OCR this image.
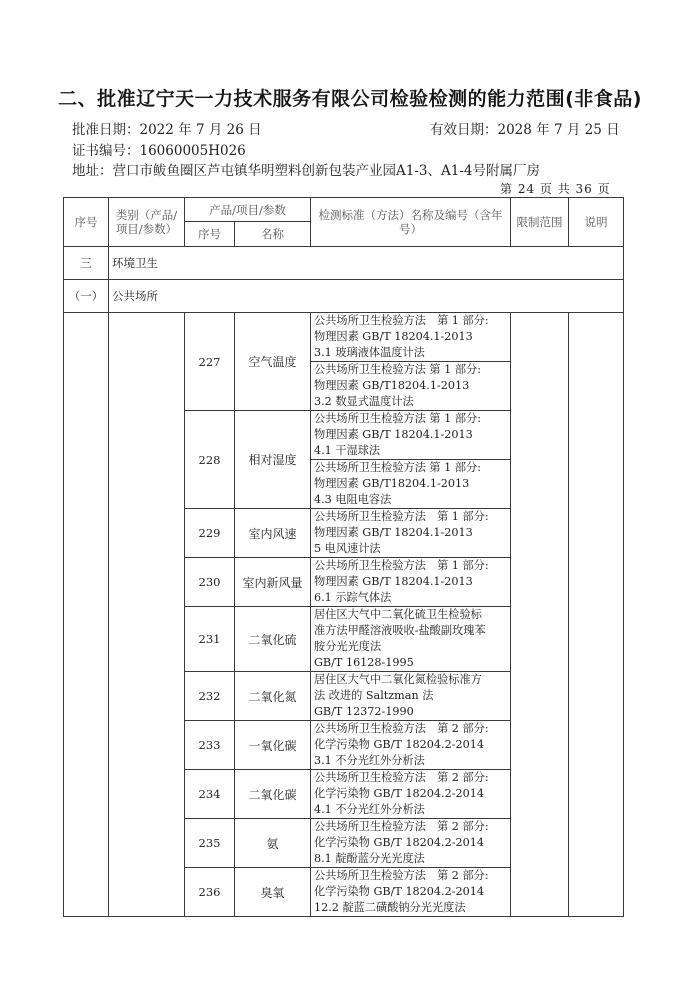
二、批准辽宁天一力技术服务有限公司检验检测的能力范围(非食品)
批准日期：2022 年 7 月 26 日	有效日期：2028 年 7 月 25 日
证书编号：16060005H026
地址：营口市鲅鱼圈区芦屯镇华明塑料创新包装产业园A1-3、A1-4号附属厂房
第 24 页 共 36 页
序号	类别（产品/项目/参数）	产品/项目/参数		检测标准（方法）名称及编号（含年号）	限制范围	说明
		序号	名称			
三	环境卫生					
（一）	公共场所					
		227	空气温度	公共场所卫生检验方法　第 1 部分:
物理因素 GB/T 18204.1-2013
3.1 玻璃液体温度计法		

				公共场所卫生检验方法 第 1 部分:
物理因素 GB/T18204.1-2013
3.2 数显式温度计法		

		228	相对湿度	公共场所卫生检验方法 第 1 部分:
物理因素 GB/T 18204.1-2013
4.1 干湿球法		

				公共场所卫生检验方法 第 1 部分:
物理因素 GB/T18204.1-2013
4.3 电阻电容法		

		229	室内风速	公共场所卫生检验方法　第 1 部分:
物理因素 GB/T 18204.1-2013
5 电风速计法		

		230	室内新风量	公共场所卫生检验方法　第 1 部分:
物理因素 GB/T 18204.1-2013
6.1 示踪气体法		

		231	二氧化硫	居住区大气中二氧化硫卫生检验标
准方法甲醛溶液吸收-盐酸副玫瑰苯
胺分光光度法
GB/T 16128-1995		

		232	二氧化氮	居住区大气中二氧化氮检验标准方
法 改进的 Saltzman 法
GB/T 12372-1990		

		233	一氧化碳	公共场所卫生检验方法　第 2 部分:
化学污染物 GB/T 18204.2-2014
3.1 不分光红外分析法		

		234	二氧化碳	公共场所卫生检验方法　第 2 部分:
化学污染物 GB/T 18204.2-2014
4.1 不分光红外分析法		

		235	氨	公共场所卫生检验方法　第 2 部分:
化学污染物 GB/T 18204.2-2014
8.1 靛酚蓝分光光度法		

		236	臭氧	公共场所卫生检验方法　第 2 部分:
化学污染物 GB/T 18204.2-2014
12.2 靛蓝二磺酸钠分光光度法		
